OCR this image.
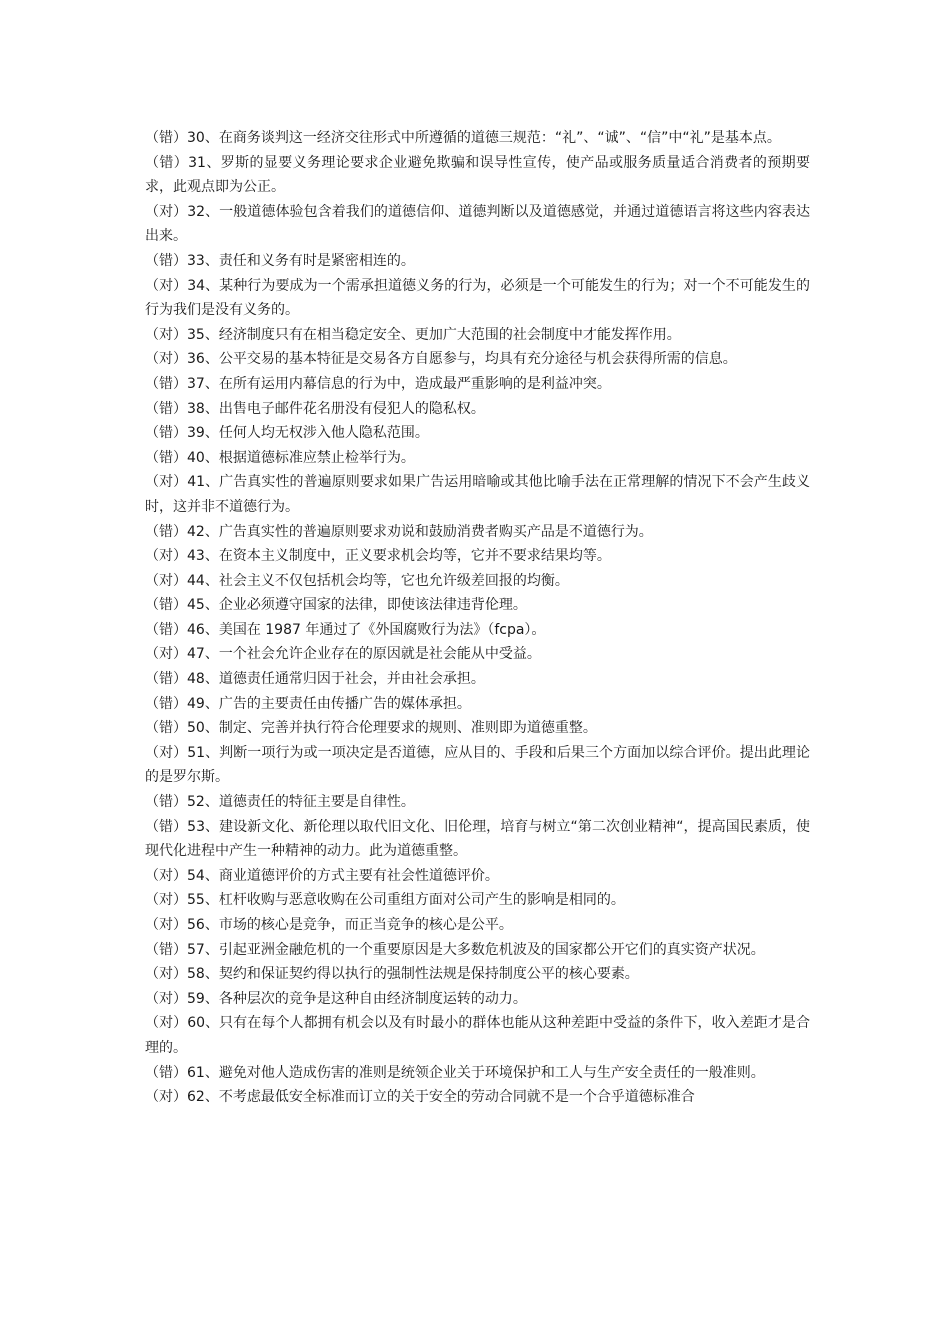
（错）30、在商务谈判这一经济交往形式中所遵循的道德三规范：“礼”、“诚”、“信”中“礼”是基本点。

（错）31、罗斯的显要义务理论要求企业避免欺骗和误导性宣传，使产品或服务质量适合消费者的预期要求，此观点即为公正。

（对）32、一般道德体验包含着我们的道德信仰、道德判断以及道德感觉，并通过道德语言将这些内容表达出来。

（错）33、责任和义务有时是紧密相连的。

（对）34、某种行为要成为一个需承担道德义务的行为，必须是一个可能发生的行为；对一个不可能发生的行为我们是没有义务的。

（对）35、经济制度只有在相当稳定安全、更加广大范围的社会制度中才能发挥作用。

（对）36、公平交易的基本特征是交易各方自愿参与，均具有充分途径与机会获得所需的信息。

（错）37、在所有运用内幕信息的行为中，造成最严重影响的是利益冲突。

（错）38、出售电子邮件花名册没有侵犯人的隐私权。

（错）39、任何人均无权涉入他人隐私范围。

（错）40、根据道德标准应禁止检举行为。

（对）41、广告真实性的普遍原则要求如果广告运用暗喻或其他比喻手法在正常理解的情况下不会产生歧义时，这并非不道德行为。

（错）42、广告真实性的普遍原则要求劝说和鼓励消费者购买产品是不道德行为。

（对）43、在资本主义制度中，正义要求机会均等，它并不要求结果均等。

（对）44、社会主义不仅包括机会均等，它也允许级差回报的均衡。

（错）45、企业必须遵守国家的法律，即使该法律违背伦理。

（错）46、美国在 1987 年通过了《外国腐败行为法》（fcpa）。

（对）47、一个社会允许企业存在的原因就是社会能从中受益。

（错）48、道德责任通常归因于社会，并由社会承担。

（错）49、广告的主要责任由传播广告的媒体承担。

（错）50、制定、完善并执行符合伦理要求的规则、准则即为道德重整。

（对）51、判断一项行为或一项决定是否道德，应从目的、手段和后果三个方面加以综合评价。提出此理论的是罗尔斯。

（错）52、道德责任的特征主要是自律性。

（错）53、建设新文化、新伦理以取代旧文化、旧伦理，培育与树立“第二次创业精神“，提高国民素质，使现代化进程中产生一种精神的动力。此为道德重整。

（对）54、商业道德评价的方式主要有社会性道德评价。

（对）55、杠杆收购与恶意收购在公司重组方面对公司产生的影响是相同的。

（对）56、市场的核心是竞争，而正当竞争的核心是公平。

（错）57、引起亚洲金融危机的一个重要原因是大多数危机波及的国家都公开它们的真实资产状况。

（对）58、契约和保证契约得以执行的强制性法规是保持制度公平的核心要素。

（对）59、各种层次的竞争是这种自由经济制度运转的动力。

（对）60、只有在每个人都拥有机会以及有时最小的群体也能从这种差距中受益的条件下，收入差距才是合理的。

（错）61、避免对他人造成伤害的准则是统领企业关于环境保护和工人与生产安全责任的一般准则。

（对）62、不考虑最低安全标准而订立的关于安全的劳动合同就不是一个合乎道德标准合
